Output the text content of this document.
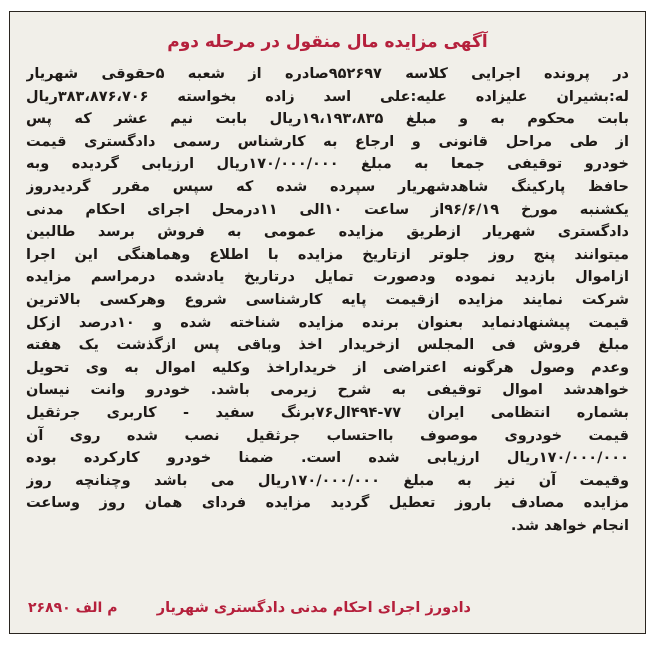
آگهی مزایده مال منقول در مرحله دوم
در پرونده اجرایی کلاسه ۹۵۲۶۹۷صادره از شعبه ۵حقوقی شهریار
له:بشیران علیزاده علیه:علی اسد زاده بخواسته ۳۸۳،۸۷۶،۷۰۶ریال
بابت محکوم به و مبلغ ۱۹،۱۹۳،۸۳۵ریال بابت نیم عشر که پس
از طی مراحل قانونی و ارجاع به کارشناس رسمی دادگستری قیمت
خودرو توقیفی جمعا به مبلغ ۱۷۰/۰۰۰/۰۰۰ریال ارزیابی گردیده وبه
حافظ پارکینگ شاهدشهریار سپرده شده که سپس مقرر گردیدروز
یکشنبه مورخ ۹۶/۶/۱۹از ساعت ۱۰الی ۱۱درمحل اجرای احکام مدنی
دادگستری شهریار ازطریق مزایده عمومی به فروش برسد طالبین
میتوانند پنج روز جلوتر ازتاریخ مزایده با اطلاع وهماهنگی این اجرا
ازاموال بازدید نموده ودصورت تمایل درتاریخ یادشده درمراسم مزایده
شرکت نمایند مزایده ازقیمت پایه کارشناسی شروع وهرکسی بالاترین
قیمت پیشنهادنماید بعنوان برنده مزایده شناخته شده و ۱۰درصد ازکل
مبلغ فروش فی المجلس ازخریدار اخذ وباقی پس ازگذشت یک هفته
وعدم وصول هرگونه اعتراضی از خریداراخذ وکلیه اموال به وی تحویل
خواهدشد اموال توقیفی به شرح زیرمی باشد. خودرو وانت نیسان
بشماره انتظامی ایران ۷۷-۴۹۴ال۷۶برنگ سفید - کاربری جرثقیل
قیمت خودروی موصوف بااحتساب جرثقیل نصب شده روی آن
۱۷۰/۰۰۰/۰۰۰ریال ارزیابی شده است. ضمنا خودرو کارکرده بوده
وقیمت آن نیز به مبلغ ۱۷۰/۰۰۰/۰۰۰ریال می باشد وچنانچه روز
مزایده مصادف باروز تعطیل گردید مزایده فردای همان روز وساعت
انجام خواهد شد.
دادورز اجرای احکام مدنی دادگستری شهریار
م الف ۲۶۸۹۰
